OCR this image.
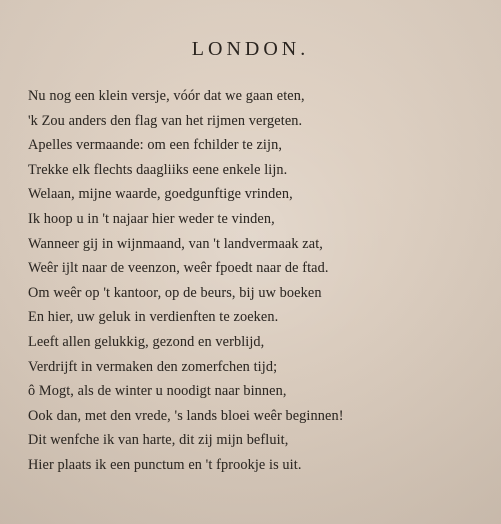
LONDON.
Nu nog een klein versje, vóór dat we gaan eten,
'k Zou anders den flag van het rijmen vergeten.
Apelles vermaande: om een fchilder te zijn,
Trekke elk flechts daagliiks eene enkele lijn.
Welaan, mijne waarde, goedgunftige vrinden,
Ik hoop u in 't najaar hier weder te vinden,
Wanneer gij in wijnmaand, van 't landvermaak zat,
Weêr ijlt naar de veenzon, weêr fpoedt naar de ftad.
Om weêr op 't kantoor, op de beurs, bij uw boeken
En hier, uw geluk in verdienften te zoeken.
Leeft allen gelukkig, gezond en verblijd,
Verdrijft in vermaken den zomerfchen tijd;
ô Mogt, als de winter u noodigt naar binnen,
Ook dan, met den vrede, 's lands bloei weêr beginnen!
Dit wenfche ik van harte, dit zij mijn befluit,
Hier plaats ik een punctum en 't fprookje is uit.
